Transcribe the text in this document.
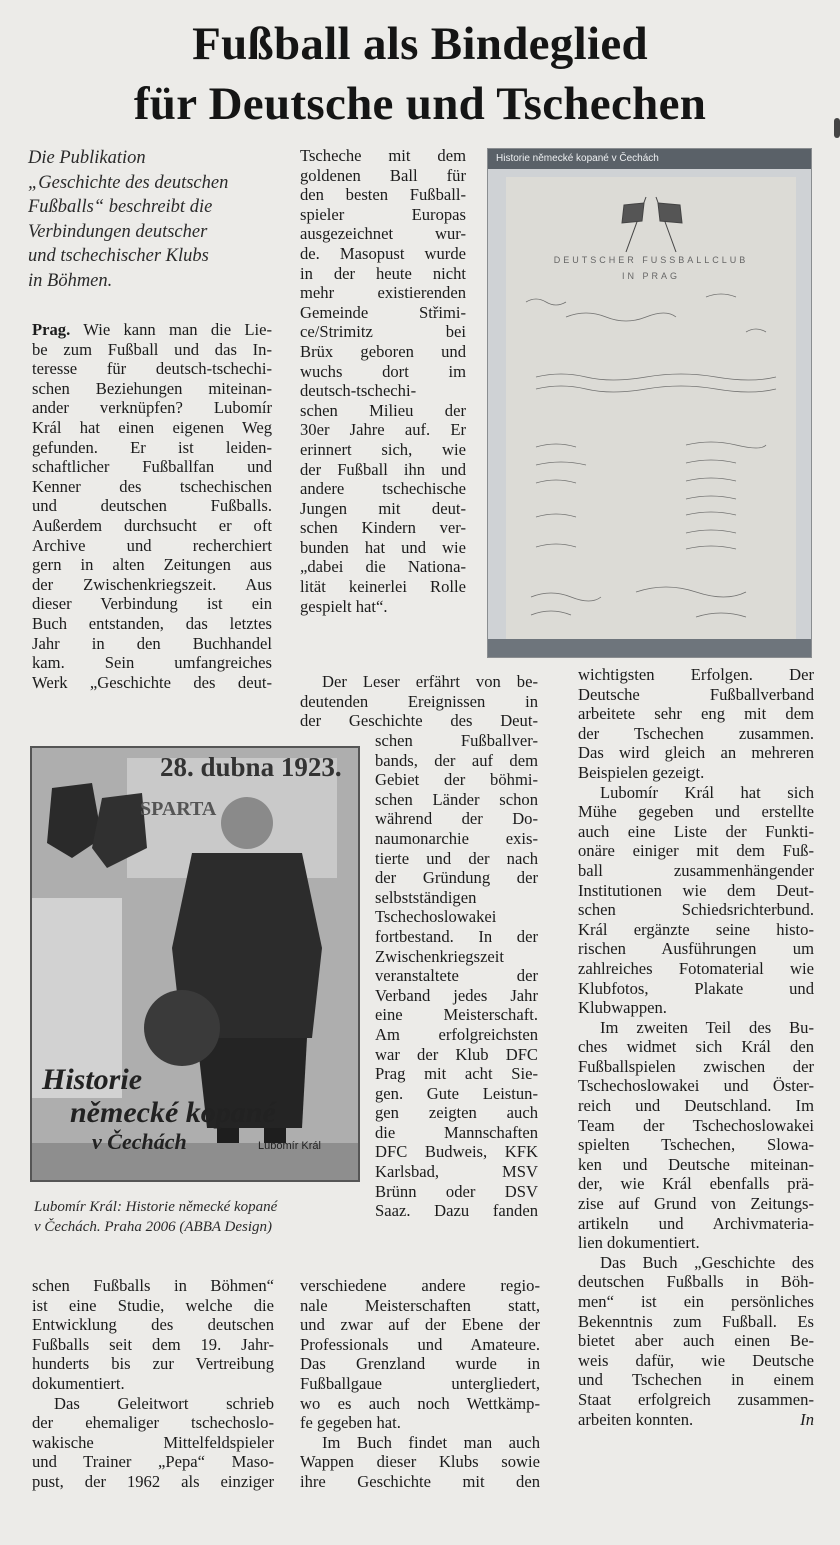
Fußball als Bindeglied
für Deutsche und Tschechen
Die Publikation
„Geschichte des deutschen
Fußballs“ beschreibt die
Verbindungen deutscher
und tschechischer Klubs
in Böhmen.
Prag. Wie kann man die Lie-
be zum Fußball und das In-
teresse für deutsch-tschechi-
schen Beziehungen miteinan-
ander verknüpfen? Lubomír
Král hat einen eigenen Weg
gefunden. Er ist leiden-
schaftlicher Fußballfan und
Kenner des tschechischen
und deutschen Fußballs.
Außerdem durchsucht er oft
Archive und recherchiert
gern in alten Zeitungen aus
der Zwischenkriegszeit. Aus
dieser Verbindung ist ein
Buch entstanden, das letztes
Jahr in den Buchhandel
kam. Sein umfangreiches
Werk „Geschichte des deut-
schen Fußballs in Böhmen“
ist eine Studie, welche die
Entwicklung des deutschen
Fußballs seit dem 19. Jahr-
hunderts bis zur Vertreibung
dokumentiert.
Das Geleitwort schrieb
der ehemaliger tschechoslo-
wakische Mittelfeldspieler
und Trainer „Pepa“ Maso-
pust, der 1962 als einziger
Tscheche mit dem
goldenen Ball für
den besten Fußball-
spieler Europas
ausgezeichnet wur-
de. Masopust wurde
in der heute nicht
mehr existierenden
Gemeinde Střimi-
ce/Strimitz bei
Brüx geboren und
wuchs dort im
deutsch-tschechi-
schen Milieu der
30er Jahre auf. Er
erinnert sich, wie
der Fußball ihn und
andere tschechische
Jungen mit deut-
schen Kindern ver-
bunden hat und wie
„dabei die Nationa-
lität keinerlei Rolle
gespielt hat“.
Der Leser erfährt von be-
deutenden Ereignissen in
der Geschichte des Deut-
schen Fußballver-
bands, der auf dem
Gebiet der böhmi-
schen Länder schon
während der Do-
naumonarchie exis-
tierte und der nach
der Gründung der
selbstständigen
Tschechoslowakei
fortbestand. In der
Zwischenkriegszeit
veranstaltete der
Verband jedes Jahr
eine Meisterschaft.
Am erfolgreichsten
war der Klub DFC
Prag mit acht Sie-
gen. Gute Leistun-
gen zeigten auch
die Mannschaften
DFC Budweis, KFK
Karlsbad, MSV
Brünn oder DSV
Saaz. Dazu fanden
verschiedene andere regio-
nale Meisterschaften statt,
und zwar auf der Ebene der
Professionals und Amateure.
Das Grenzland wurde in
Fußballgaue untergliedert,
wo es auch noch Wettkämp-
fe gegeben hat.
Im Buch findet man auch
Wappen dieser Klubs sowie
ihre Geschichte mit den
wichtigsten Erfolgen. Der
Deutsche Fußballverband
arbeitete sehr eng mit dem
der Tschechen zusammen.
Das wird gleich an mehreren
Beispielen gezeigt.
Lubomír Král hat sich
Mühe gegeben und erstellte
auch eine Liste der Funkti-
onäre einiger mit dem Fuß-
ball zusammenhängender
Institutionen wie dem Deut-
schen Schiedsrichterbund.
Král ergänzte seine histo-
rischen Ausführungen um
zahlreiches Fotomaterial wie
Klubfotos, Plakate und
Klubwappen.
Im zweiten Teil des Bu-
ches widmet sich Král den
Fußballspielen zwischen der
Tschechoslowakei und Öster-
reich und Deutschland. Im
Team der Tschechoslowakei
spielten Tschechen, Slowa-
ken und Deutsche miteinan-
der, wie Král ebenfalls prä-
zise auf Grund von Zeitungs-
artikeln und Archivmateria-
lien dokumentiert.
Das Buch „Geschichte des
deutschen Fußballs in Böh-
men“ ist ein persönliches
Bekenntnis zum Fußball. Es
bietet aber auch einen Be-
weis dafür, wie Deutsche
und Tschechen in einem
Staat erfolgreich zusammen-
arbeiten konnten.	In
Historie německé kopané v Čechách
DEUTSCHER FUSSBALLCLUB
IN PRAG
28. dubna 1923.
SPARTA
Historie
německé kopané
v Čechách	Lubomír Král
Lubomír Král: Historie německé kopané
v Čechách. Praha 2006 (ABBA Design)
